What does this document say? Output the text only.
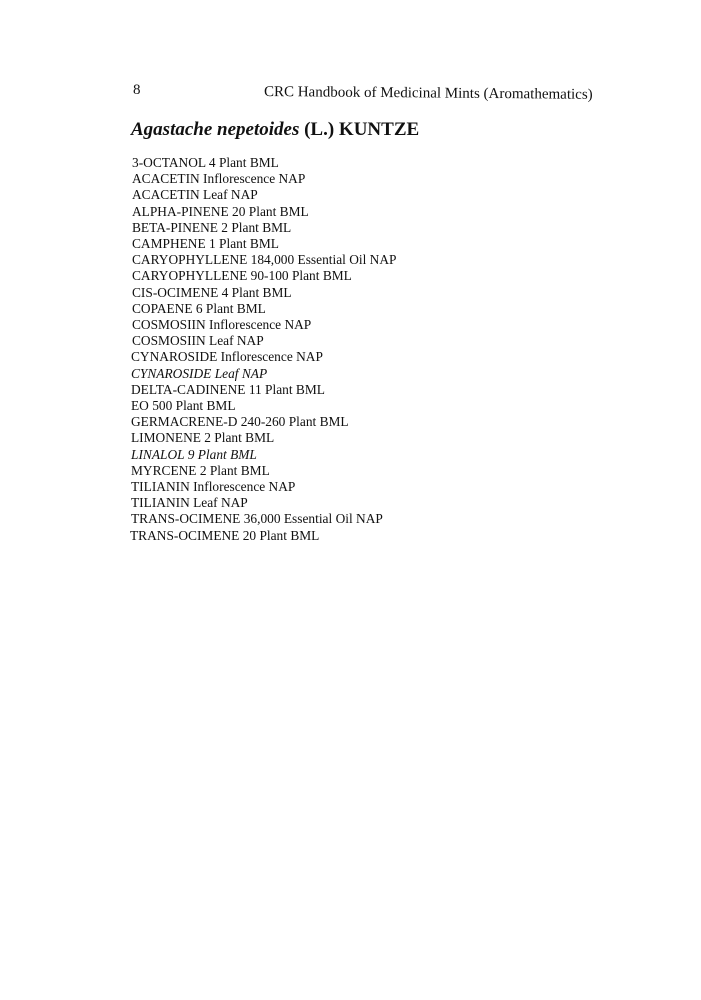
8	CRC Handbook of Medicinal Mints (Aromathematics)
Agastache nepetoides (L.) KUNTZE
3-OCTANOL 4 Plant BML
ACACETIN Inflorescence NAP
ACACETIN Leaf NAP
ALPHA-PINENE 20 Plant BML
BETA-PINENE 2 Plant BML
CAMPHENE 1 Plant BML
CARYOPHYLLENE 184,000 Essential Oil NAP
CARYOPHYLLENE 90-100 Plant BML
CIS-OCIMENE 4 Plant BML
COPAENE 6 Plant BML
COSMOSIIN Inflorescence NAP
COSMOSIIN Leaf NAP
CYNAROSIDE Inflorescence NAP
CYNAROSIDE Leaf NAP
DELTA-CADINENE 11 Plant BML
EO 500 Plant BML
GERMACRENE-D 240-260 Plant BML
LIMONENE 2 Plant BML
LINALOL 9 Plant BML
MYRCENE 2 Plant BML
TILIANIN Inflorescence NAP
TILIANIN Leaf NAP
TRANS-OCIMENE 36,000 Essential Oil NAP
TRANS-OCIMENE 20 Plant BML
